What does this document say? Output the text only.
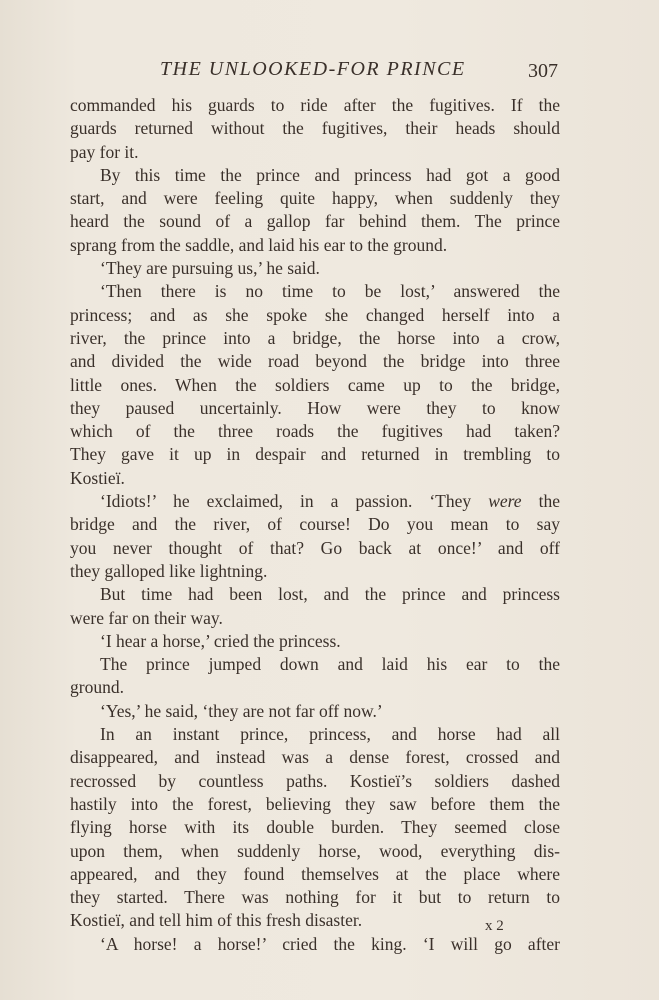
THE UNLOOKED-FOR PRINCE	307
commanded his guards to ride after the fugitives. If the
guards returned without the fugitives, their heads should
pay for it.
By this time the prince and princess had got a good
start, and were feeling quite happy, when suddenly they
heard the sound of a gallop far behind them. The prince
sprang from the saddle, and laid his ear to the ground.
‘They are pursuing us,’ he said.
‘Then there is no time to be lost,’ answered the
princess; and as she spoke she changed herself into a
river, the prince into a bridge, the horse into a crow,
and divided the wide road beyond the bridge into three
little ones. When the soldiers came up to the bridge,
they paused uncertainly. How were they to know
which of the three roads the fugitives had taken?
They gave it up in despair and returned in trembling to
Kostieï.
‘Idiots!’ he exclaimed, in a passion. ‘They were the
bridge and the river, of course! Do you mean to say
you never thought of that? Go back at once!’ and off
they galloped like lightning.
But time had been lost, and the prince and princess
were far on their way.
‘I hear a horse,’ cried the princess.
The prince jumped down and laid his ear to the
ground.
‘Yes,’ he said, ‘they are not far off now.’
In an instant prince, princess, and horse had all
disappeared, and instead was a dense forest, crossed and
recrossed by countless paths. Kostieï’s soldiers dashed
hastily into the forest, believing they saw before them the
flying horse with its double burden. They seemed close
upon them, when suddenly horse, wood, everything dis-
appeared, and they found themselves at the place where
they started. There was nothing for it but to return to
Kostieï, and tell him of this fresh disaster.
‘A horse! a horse!’ cried the king. ‘I will go after
x 2
